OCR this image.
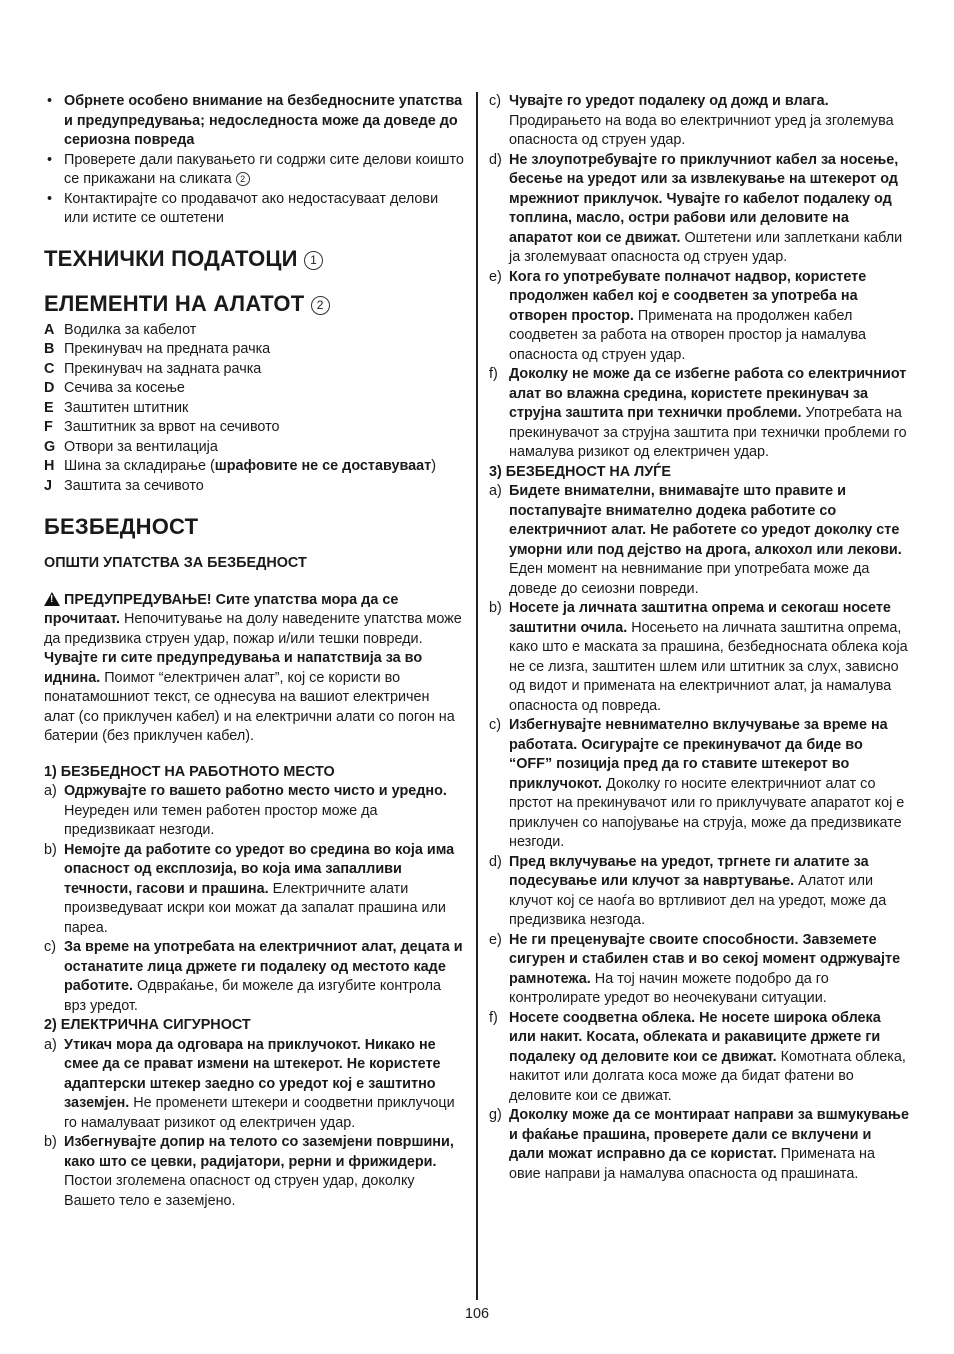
• Обрнете особено внимание на безбедносните упатства и предупредувања; недоследноста може да доведе до сериозна повреда
• Проверете дали пакувањето ги содржи сите делови коишто се прикажани на сликата 2
• Контактирајте со продавачот ако недостасуваат делови или истите се оштетени
ТЕХНИЧКИ ПОДАТОЦИ 1
ЕЛЕМЕНТИ НА АЛАТОТ 2
A Водилка за кабелот
B Прекинувач на предната рачка
C Прекинувач на задната рачка
D Сечива за косење
E Заштитен штитник
F Заштитник за врвот на сечивото
G Отвори за вентилација
H Шина за складирање (шрафовите не се доставуваат)
J Заштита за сечивото
БЕЗБЕДНОСТ
ОПШТИ УПАТСТВА ЗА БЕЗБЕДНОСТ
!ПРЕДУПРЕДУВАЊЕ! Сите упатства мора да се прочитаат. Непочитување на долу наведените упатства може да предизвика струен удар, пожар и/или тешки повреди. Чувајте ги сите предупредувања и напатствија за во иднина. Поимот “електричен алат”, кој се користи во понатамошниот текст, се однесува на вашиот електричен алат (со приклучен кабел) и на електрични алати со погон на батерии (без приклучен кабел).
1) БЕЗБЕДНОСТ НА РАБОТНОТО МЕСТО
a) Одржувајте го вашето работно место чисто и уредно. Неуреден или темен работен простор може да предизвикаат незгоди.
b) Немојте да работите со уредот во средина во која има опасност од експлозија, во која има запалливи течности, гасови и прашина. Електричните алати произведуваат искри кои можат да запалат прашина или пареа.
c) За време на употребата на електричниот алат, децата и останатите лица држете ги подалеку од местото каде работите. Одвраќање, би можеле да изгубите контрола врз уредот.
2) ЕЛЕКТРИЧНА СИГУРНОСТ
a) Утикач мора да одговара на приклучокот. Никако не смее да се прават измени на штекерот. Не користете адаптерски штекер заедно со уредот кој е заштитно заземјен. Не променети штекери и соодветни приклучоци го намалуваат ризикот од електричен удар.
b) Избегнувајте допир на телото со заземјени површини, како што се цевки, радијатори, рерни и фрижидери. Постои зголемена опасност од струен удар, доколку Вашето тело е заземјено.
c) Чувајте го уредот подалеку од дожд и влага. Продирањето на вода во електричниот уред ја зголемува опасноста од струен удар.
d) Не злоупотребувајте го приклучниот кабел за носење, бесење на уредот или за извлекување на штекерот од мрежниот приклучок. Чувајте го кабелот подалеку од топлина, масло, остри рабови или деловите на апаратот кои се движат. Оштетени или заплеткани кабли ја зголемуваат опасноста од струен удар.
e) Кога го употребувате полначот надвор, користете продолжен кабел кој е соодветен за употреба на отворен простор. Примената на продолжен кабел соодветен за работа на отворен простор ја намалува опасноста од струен удар.
f) Доколку не може да се избегне работа со електричниот алат во влажна средина, користете прекинувач за струјна заштита при технички проблеми. Употребата на прекинувачот за струјна заштита при технички проблеми го намалува ризикот од електричен удар.
3) БЕЗБЕДНОСТ НА ЛУЃЕ
a) Бидете внимателни, внимавајте што правите и постапувајте внимателно додека работите со електричниот алат. Не работете со уредот доколку сте уморни или под дејство на дрога, алкохол или лекови. Еден момент на невнимание при употребата може да доведе до сеиозни повреди.
b) Носете ја личната заштитна опрема и секогаш носете заштитни очила. Носењето на личната заштитна опрема, како што е маската за прашина, безбедносната облека која не се лизга, заштитен шлем или штитник за слух, зависно од видот и примената на електричниот алат, ја намалува опасноста од повреда.
c) Избегнувајте невнимателно вклучување за време на работата. Осигурајте се прекинувачот да биде во “OFF” позиција пред да го ставите штекерот во приклучокот. Доколку го носите електричниот алат со прстот на прекинувачот или го приклучувате апаратот кој е приклучен со напојување на струја, може да предизвикате незгоди.
d) Пред вклучување на уредот, тргнете ги алатите за подесување или клучот за навртување. Алатот или клучот кој се наоѓа во вртливиот дел на уредот, може да предизвика незгода.
e) Не ги преценувајте своите способности. Завземете сигурен и стабилен став и во секој момент одржувајте рамнотежа. На тој начин можете подобро да го контролирате уредот во неочекувани ситуации.
f) Носете соодветна облека. Не носете широка облека или накит. Косата, облеката и ракавиците држете ги подалеку од деловите кои се движат. Комотната облека, накитот или долгата коса може да бидат фатени во деловите кои се движат.
g) Доколку може да се монтираат направи за вшмукување и фаќање прашина, проверете дали се вклучени и дали можат исправно да се користат. Примената на овие направи ја намалува опасноста од прашината.
106
